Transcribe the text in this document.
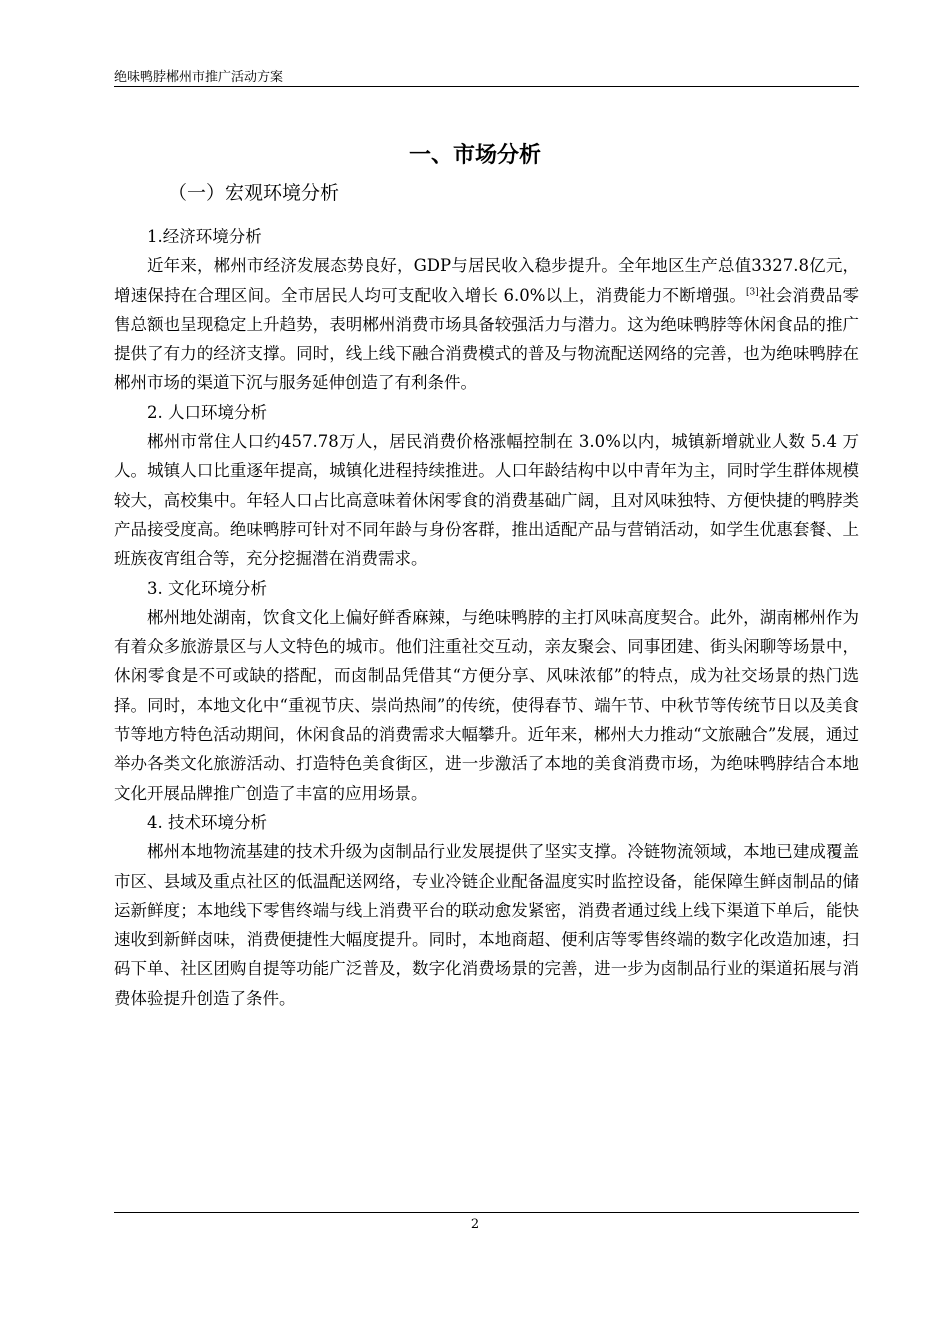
绝味鸭脖郴州市推广活动方案
一、市场分析
（一）宏观环境分析

1.经济环境分析

近年来，郴州市经济发展态势良好，GDP与居民收入稳步提升。全年地区生产总值3327.8亿元，增速保持在合理区间。全市居民人均可支配收入增长 6.0%以上，消费能力不断增强。[3]社会消费品零售总额也呈现稳定上升趋势，表明郴州消费市场具备较强活力与潜力。这为绝味鸭脖等休闲食品的推广提供了有力的经济支撑。同时，线上线下融合消费模式的普及与物流配送网络的完善，也为绝味鸭脖在郴州市场的渠道下沉与服务延伸创造了有利条件。

2. 人口环境分析

郴州市常住人口约457.78万人，居民消费价格涨幅控制在 3.0%以内，城镇新增就业人数 5.4 万人。城镇人口比重逐年提高，城镇化进程持续推进。人口年龄结构中以中青年为主，同时学生群体规模较大，高校集中。年轻人口占比高意味着休闲零食的消费基础广阔，且对风味独特、方便快捷的鸭脖类产品接受度高。绝味鸭脖可针对不同年龄与身份客群，推出适配产品与营销活动，如学生优惠套餐、上班族夜宵组合等，充分挖掘潜在消费需求。

3. 文化环境分析

郴州地处湖南，饮食文化上偏好鲜香麻辣，与绝味鸭脖的主打风味高度契合。此外，湖南郴州作为有着众多旅游景区与人文特色的城市。他们注重社交互动，亲友聚会、同事团建、街头闲聊等场景中，休闲零食是不可或缺的搭配，而卤制品凭借其“方便分享、风味浓郁”的特点，成为社交场景的热门选择。同时，本地文化中“重视节庆、崇尚热闹”的传统，使得春节、端午节、中秋节等传统节日以及美食节等地方特色活动期间，休闲食品的消费需求大幅攀升。近年来，郴州大力推动“文旅融合”发展，通过举办各类文化旅游活动、打造特色美食街区，进一步激活了本地的美食消费市场，为绝味鸭脖结合本地文化开展品牌推广创造了丰富的应用场景。

4. 技术环境分析

郴州本地物流基建的技术升级为卤制品行业发展提供了坚实支撑。冷链物流领域，本地已建成覆盖市区、县域及重点社区的低温配送网络，专业冷链企业配备温度实时监控设备，能保障生鲜卤制品的储运新鲜度；本地线下零售终端与线上消费平台的联动愈发紧密，消费者通过线上线下渠道下单后，能快速收到新鲜卤味，消费便捷性大幅度提升。同时，本地商超、便利店等零售终端的数字化改造加速，扫码下单、社区团购自提等功能广泛普及，数字化消费场景的完善，进一步为卤制品行业的渠道拓展与消费体验提升创造了条件。

2
